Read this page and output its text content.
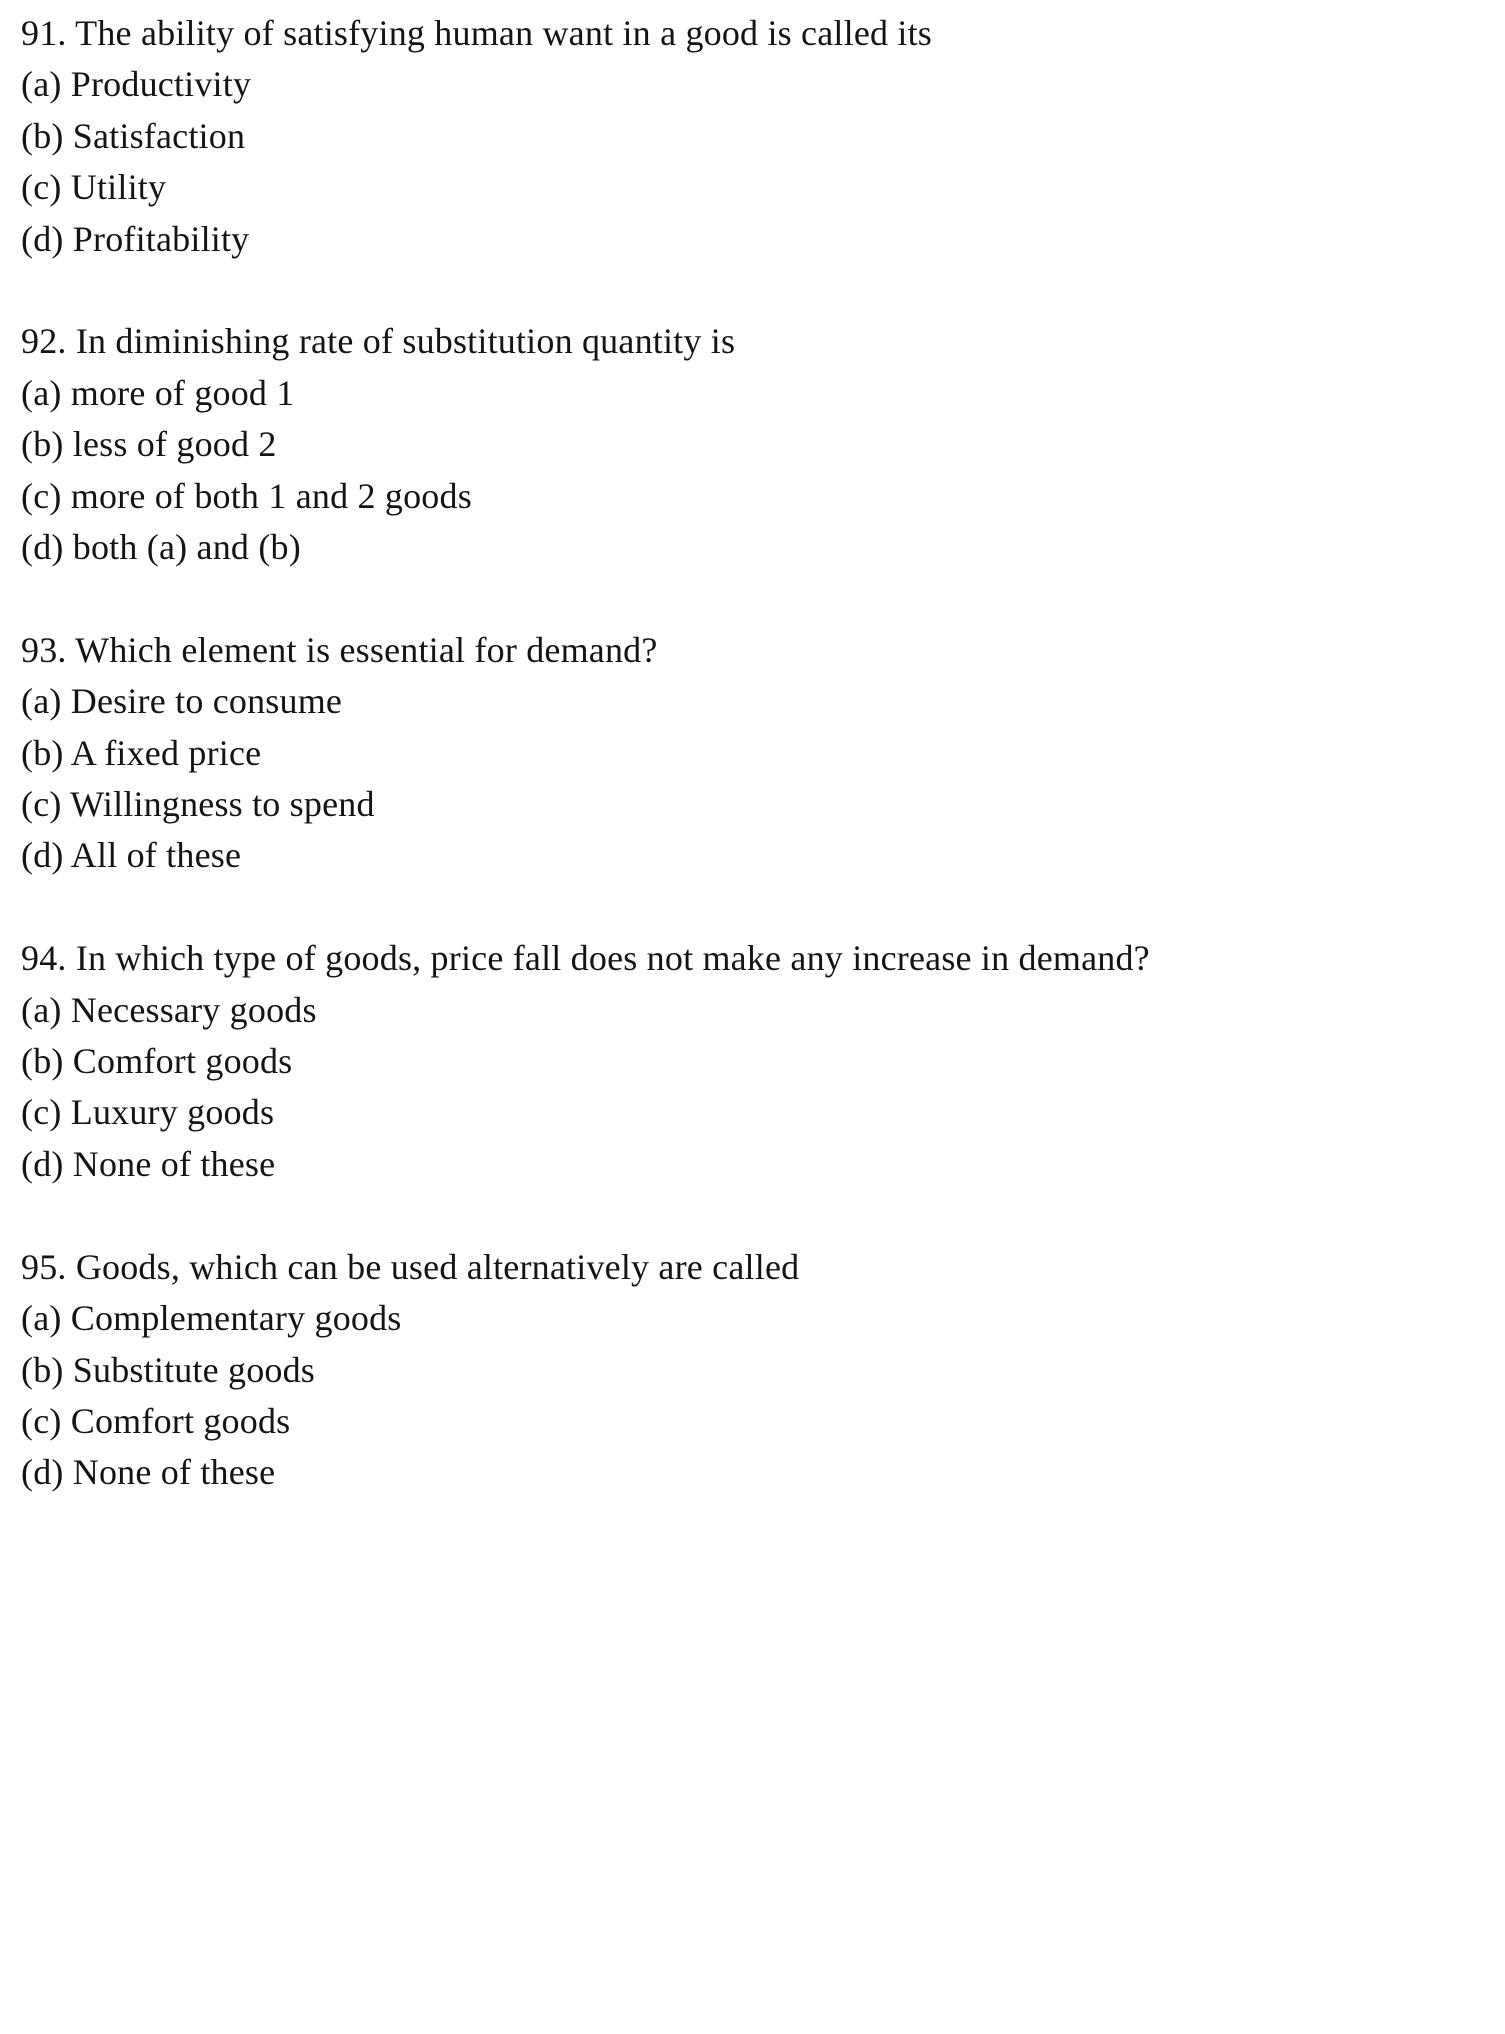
91. The ability of satisfying human want in a good is called its
(a) Productivity
(b) Satisfaction
(c) Utility
(d) Profitability
92. In diminishing rate of substitution quantity is
(a) more of good 1
(b) less of good 2
(c) more of both 1 and 2 goods
(d) both (a) and (b)
93. Which element is essential for demand?
(a) Desire to consume
(b) A fixed price
(c) Willingness to spend
(d) All of these
94. In which type of goods, price fall does not make any increase in demand?
(a) Necessary goods
(b) Comfort goods
(c) Luxury goods
(d) None of these
95. Goods, which can be used alternatively are called
(a) Complementary goods
(b) Substitute goods
(c) Comfort goods
(d) None of these
